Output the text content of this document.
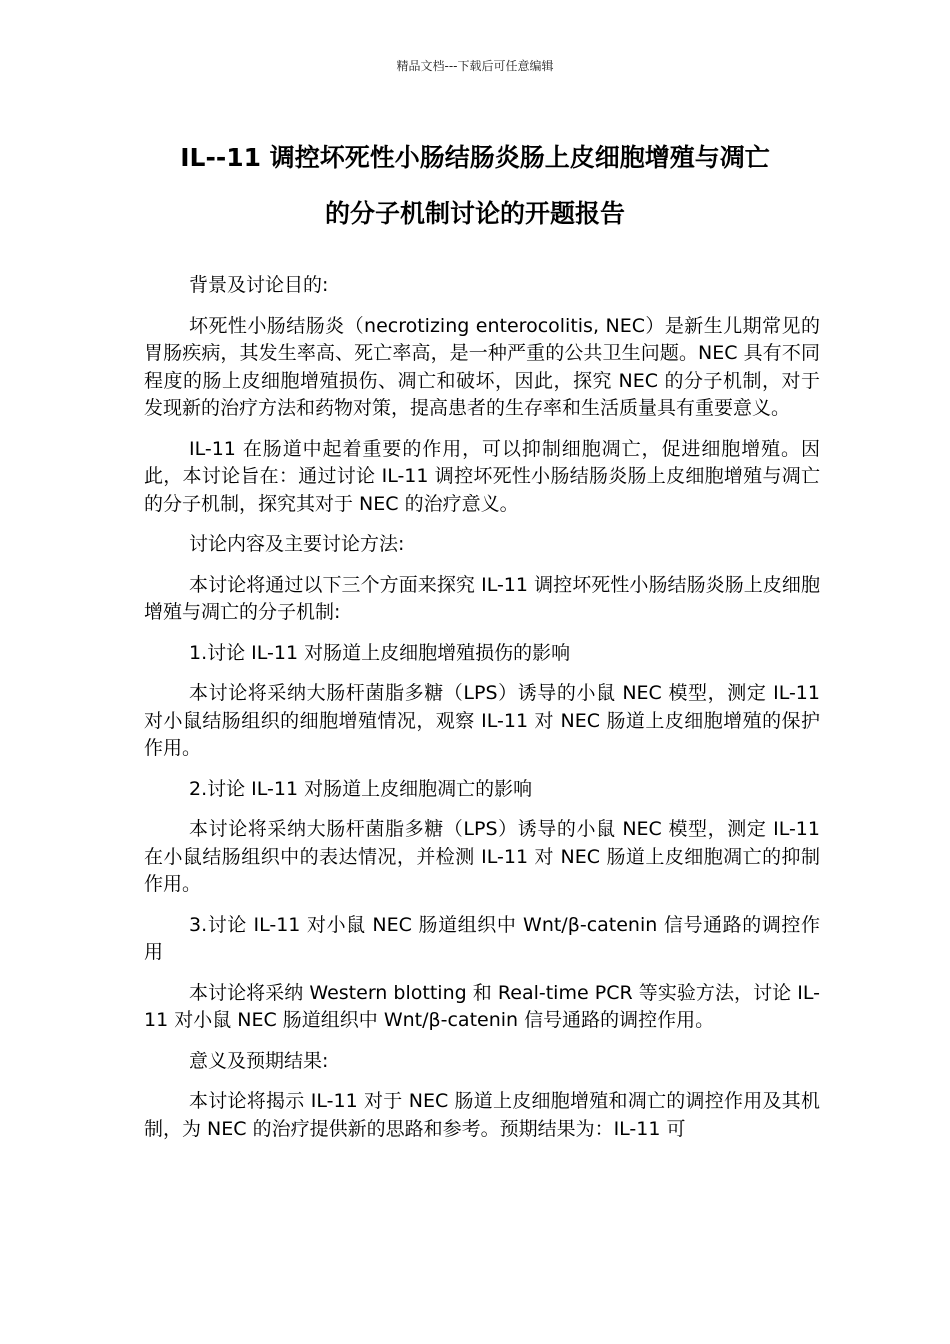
精品文档---下载后可任意编辑
IL--11 调控坏死性小肠结肠炎肠上皮细胞增殖与凋亡
的分子机制讨论的开题报告

背景及讨论目的:

坏死性小肠结肠炎（necrotizing enterocolitis, NEC）是新生儿期常见的胃肠疾病，其发生率高、死亡率高，是一种严重的公共卫生问题。NEC 具有不同程度的肠上皮细胞增殖损伤、凋亡和破坏，因此，探究 NEC 的分子机制，对于发现新的治疗方法和药物对策，提高患者的生存率和生活质量具有重要意义。

IL-11 在肠道中起着重要的作用，可以抑制细胞凋亡，促进细胞增殖。因此，本讨论旨在：通过讨论 IL-11 调控坏死性小肠结肠炎肠上皮细胞增殖与凋亡的分子机制，探究其对于 NEC 的治疗意义。

讨论内容及主要讨论方法:

本讨论将通过以下三个方面来探究 IL-11 调控坏死性小肠结肠炎肠上皮细胞增殖与凋亡的分子机制:

1.讨论 IL-11 对肠道上皮细胞增殖损伤的影响

本讨论将采纳大肠杆菌脂多糖（LPS）诱导的小鼠 NEC 模型，测定 IL-11 对小鼠结肠组织的细胞增殖情况，观察 IL-11 对 NEC 肠道上皮细胞增殖的保护作用。

2.讨论 IL-11 对肠道上皮细胞凋亡的影响

本讨论将采纳大肠杆菌脂多糖（LPS）诱导的小鼠 NEC 模型，测定 IL-11 在小鼠结肠组织中的表达情况，并检测 IL-11 对 NEC 肠道上皮细胞凋亡的抑制作用。

3.讨论 IL-11 对小鼠 NEC 肠道组织中 Wnt/β-catenin 信号通路的调控作用

本讨论将采纳 Western blotting 和 Real-time PCR 等实验方法，讨论 IL-11 对小鼠 NEC 肠道组织中 Wnt/β-catenin 信号通路的调控作用。

意义及预期结果:

本讨论将揭示 IL-11 对于 NEC 肠道上皮细胞增殖和凋亡的调控作用及其机制，为 NEC 的治疗提供新的思路和参考。预期结果为：IL-11 可
